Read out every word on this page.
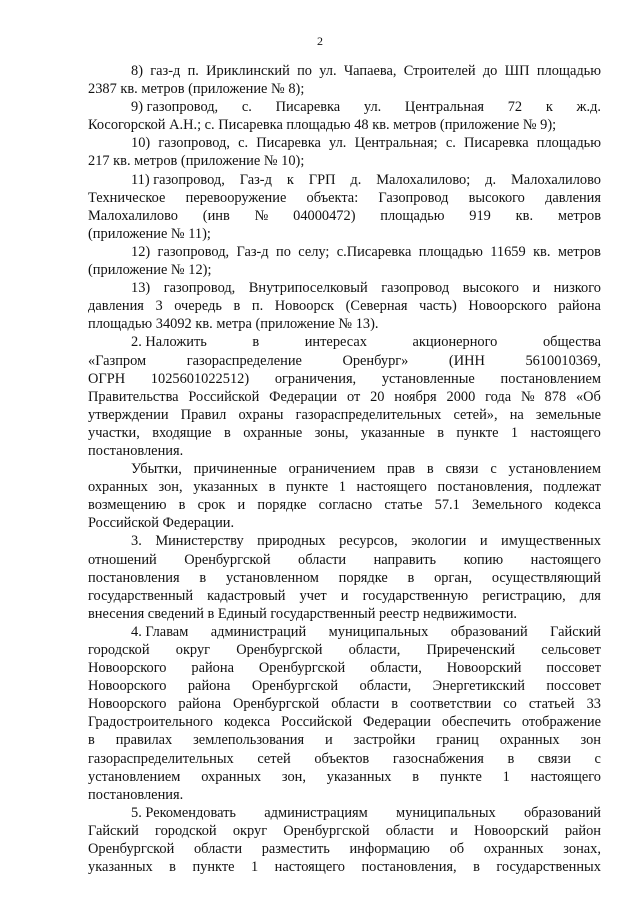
2
8) газ-д п. Ириклинский по ул. Чапаева, Строителей до ШП площадью
2387 кв. метров (приложение № 8);
9) газопровод, с. Писаревка ул. Центральная 72 к ж.д.
Косогорской А.Н.; с. Писаревка площадью 48 кв. метров (приложение № 9);
10) газопровод, с. Писаревка ул. Центральная; с. Писаревка площадью
217 кв. метров (приложение № 10);
11) газопровод, Газ-д к ГРП д. Малохалилово; д. Малохалилово
Техническое перевооружение объекта: Газопровод высокого давления
Малохалилово (инв № 04000472) площадью 919 кв. метров
(приложение № 11);
12) газопровод, Газ-д по селу; с.Писаревка площадью 11659 кв. метров
(приложение № 12);
13) газопровод, Внутрипоселковый газопровод высокого и низкого
давления 3 очередь в п. Новоорск (Северная часть) Новоорского района
площадью 34092 кв. метра (приложение № 13).
2. Наложить	в	интересах	акционерного	общества
«Газпром	газораспределение	Оренбург»	(ИНН	5610010369,
ОГРН 1025601022512) ограничения, установленные постановлением
Правительства Российской Федерации от 20 ноября 2000 года № 878 «Об
утверждении Правил охраны газораспределительных сетей», на земельные
участки, входящие в охранные зоны, указанные в пункте 1 настоящего
постановления.
Убытки, причиненные ограничением прав в связи с установлением
охранных зон, указанных в пункте 1 настоящего постановления, подлежат
возмещению в срок и порядке согласно статье 57.1 Земельного кодекса
Российской Федерации.
3. Министерству природных ресурсов, экологии и имущественных
отношений Оренбургской области направить копию настоящего
постановления в установленном порядке в орган, осуществляющий
государственный кадастровый учет и государственную регистрацию, для
внесения сведений в Единый государственный реестр недвижимости.
4. Главам администраций муниципальных образований Гайский
городской округ Оренбургской области, Приреченский сельсовет
Новоорского района Оренбургской области, Новоорский поссовет
Новоорского района Оренбургской области, Энергетикский поссовет
Новоорского района Оренбургской области в соответствии со статьей 33
Градостроительного кодекса Российской Федерации обеспечить отображение
в правилах землепользования и застройки границ охранных зон
газораспределительных сетей объектов газоснабжения в связи с
установлением охранных зон, указанных в пункте 1 настоящего
постановления.
5. Рекомендовать администрациям муниципальных образований
Гайский городской округ Оренбургской области и Новоорский район
Оренбургской области разместить информацию об охранных зонах,
указанных в пункте 1 настоящего постановления, в государственных
